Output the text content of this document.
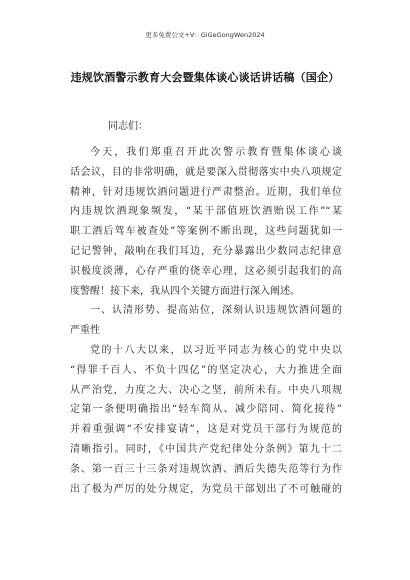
更多免费公文+V：GiGeGongWen2024
违规饮酒警示教育大会暨集体谈心谈话讲话稿（国企）
同志们：
今天，我们郑重召开此次警示教育暨集体谈心谈
话会议，目的非常明确，就是要深入贯彻落实中央八项规定
精神，针对违规饮酒问题进行严肃整治。近期，我们单位
内违规饮酒现象频发，“某干部值班饮酒贻误工作”“某
职工酒后驾车被查处”等案例不断出现，这些问题犹如一
记记警钟，敲响在我们耳边，充分暴露出少数同志纪律意
识极度淡薄，心存严重的侥幸心理，这必须引起我们的高
度警醒！接下来，我从四个关键方面进行深入阐述。
一、认清形势、提高站位，深刻认识违规饮酒问题的
严重性
党的十八大以来，以习近平同志为核心的党中央以
“得罪千百人、不负十四亿”的坚定决心，大力推进全面
从严治党，力度之大、决心之坚，前所未有。中央八项规
定第一条便明确指出“轻车简从、减少陪同、简化接待”
并着重强调“不安排宴请”，这是对党员干部行为规范的
清晰指引。同时，《中国共产党纪律处分条例》第九十二
条、第一百三十三条对违规饮酒、酒后失德失范等行为作
出了极为严厉的处分规定，为党员干部划出了不可触碰的
